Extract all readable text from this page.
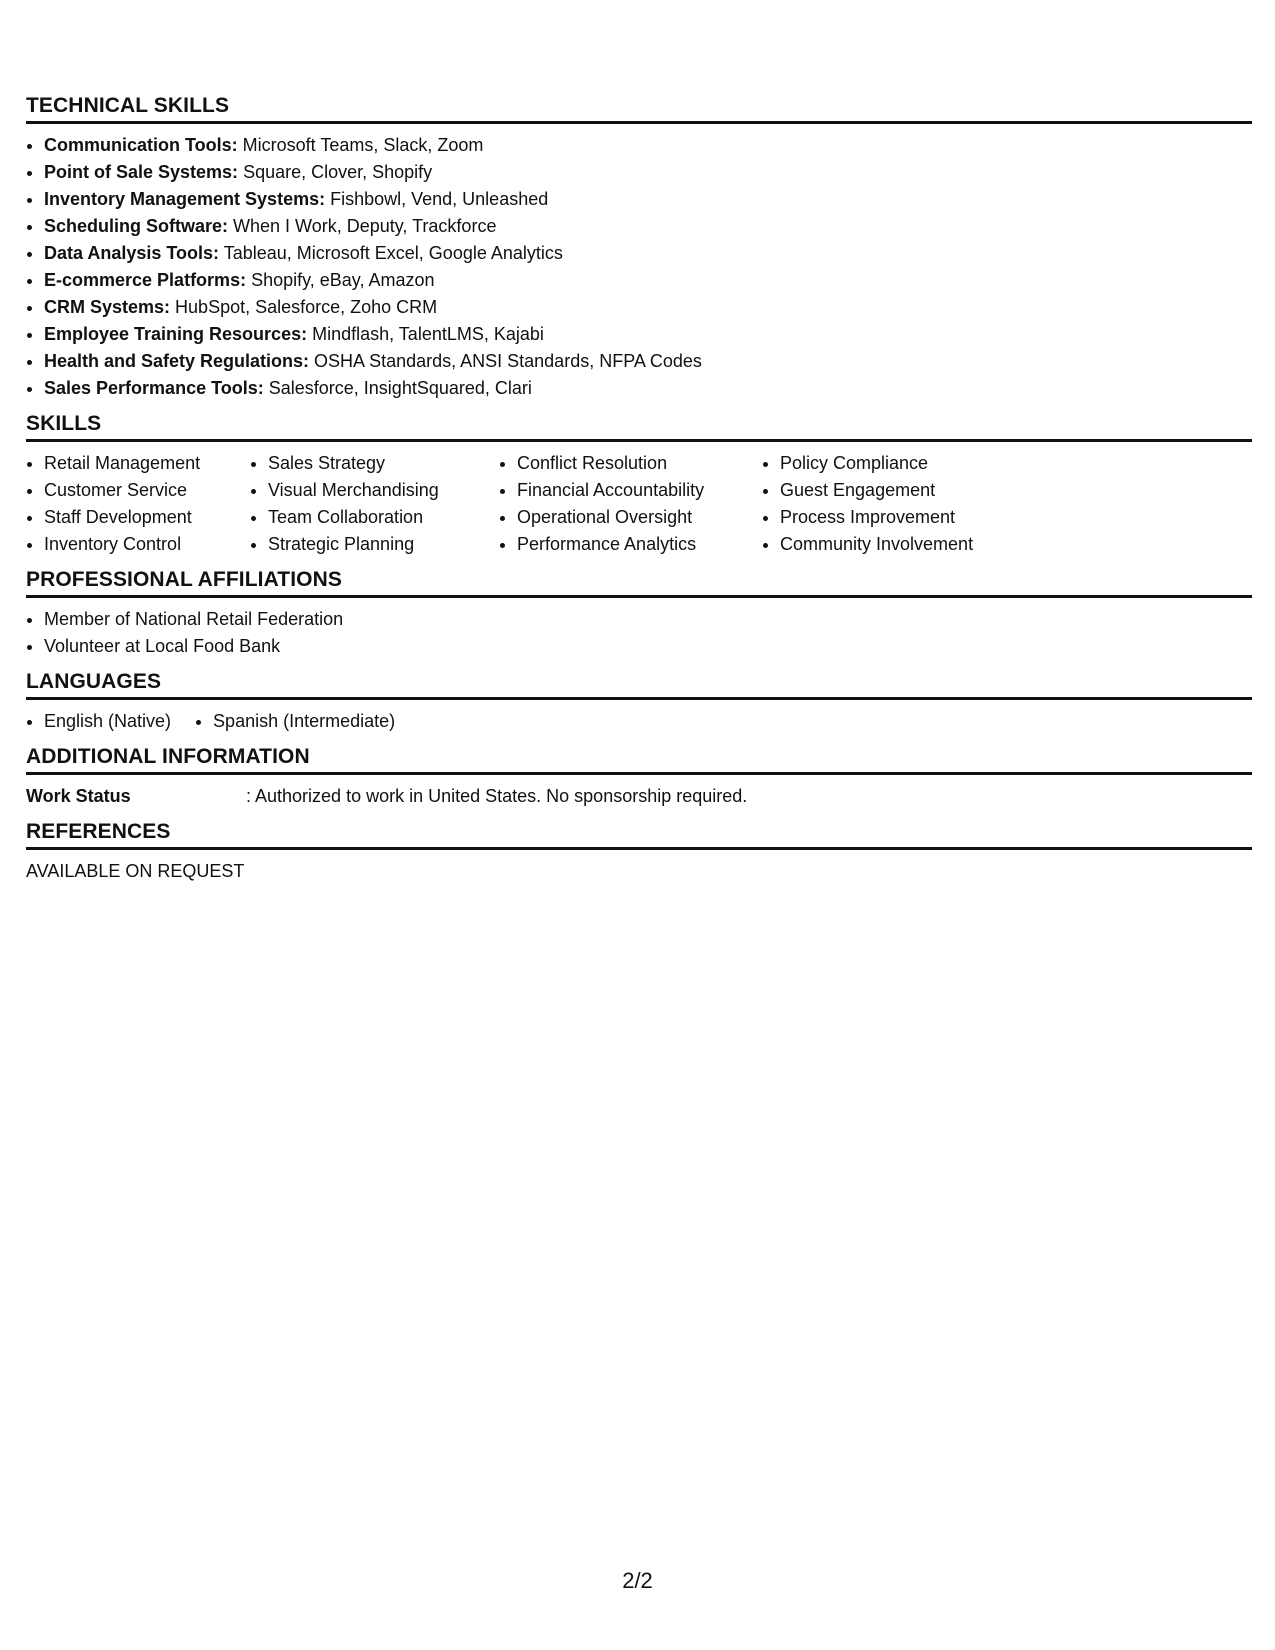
TECHNICAL SKILLS
• Communication Tools: Microsoft Teams, Slack, Zoom
• Point of Sale Systems: Square, Clover, Shopify
• Inventory Management Systems: Fishbowl, Vend, Unleashed
• Scheduling Software: When I Work, Deputy, Trackforce
• Data Analysis Tools: Tableau, Microsoft Excel, Google Analytics
• E-commerce Platforms: Shopify, eBay, Amazon
• CRM Systems: HubSpot, Salesforce, Zoho CRM
• Employee Training Resources: Mindflash, TalentLMS, Kajabi
• Health and Safety Regulations: OSHA Standards, ANSI Standards, NFPA Codes
• Sales Performance Tools: Salesforce, InsightSquared, Clari
SKILLS
• Retail Management
• Customer Service
• Staff Development
• Inventory Control
• Sales Strategy
• Visual Merchandising
• Team Collaboration
• Strategic Planning
• Conflict Resolution
• Financial Accountability
• Operational Oversight
• Performance Analytics
• Policy Compliance
• Guest Engagement
• Process Improvement
• Community Involvement
PROFESSIONAL AFFILIATIONS
• Member of National Retail Federation
• Volunteer at Local Food Bank
LANGUAGES
• English (Native)
• Spanish (Intermediate)
ADDITIONAL INFORMATION
Work Status	: Authorized to work in United States. No sponsorship required.
REFERENCES
AVAILABLE ON REQUEST
2/2
